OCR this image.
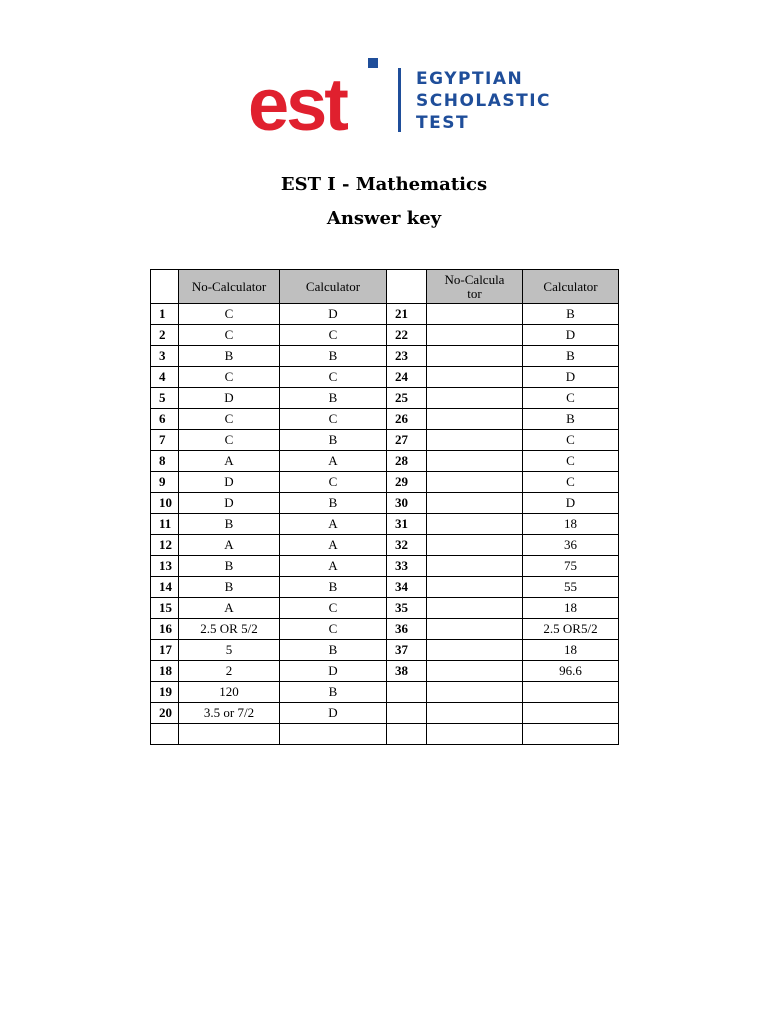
est	EGYPTIAN
SCHOLASTIC
TEST
EST I - Mathematics
Answer key
	No-Calculator	Calculator		No-Calculator	Calculator
1	C	D	21		B
2	C	C	22		D
3	B	B	23		B
4	C	C	24		D
5	D	B	25		C
6	C	C	26		B
7	C	B	27		C
8	A	A	28		C
9	D	C	29		C
10	D	B	30		D
11	B	A	31		18
12	A	A	32		36
13	B	A	33		75
14	B	B	34		55
15	A	C	35		18
16	2.5 OR 5/2	C	36		2.5 OR5/2
17	5	B	37		18
18	2	D	38		96.6
19	120	B			
20	3.5 or 7/2	D			
